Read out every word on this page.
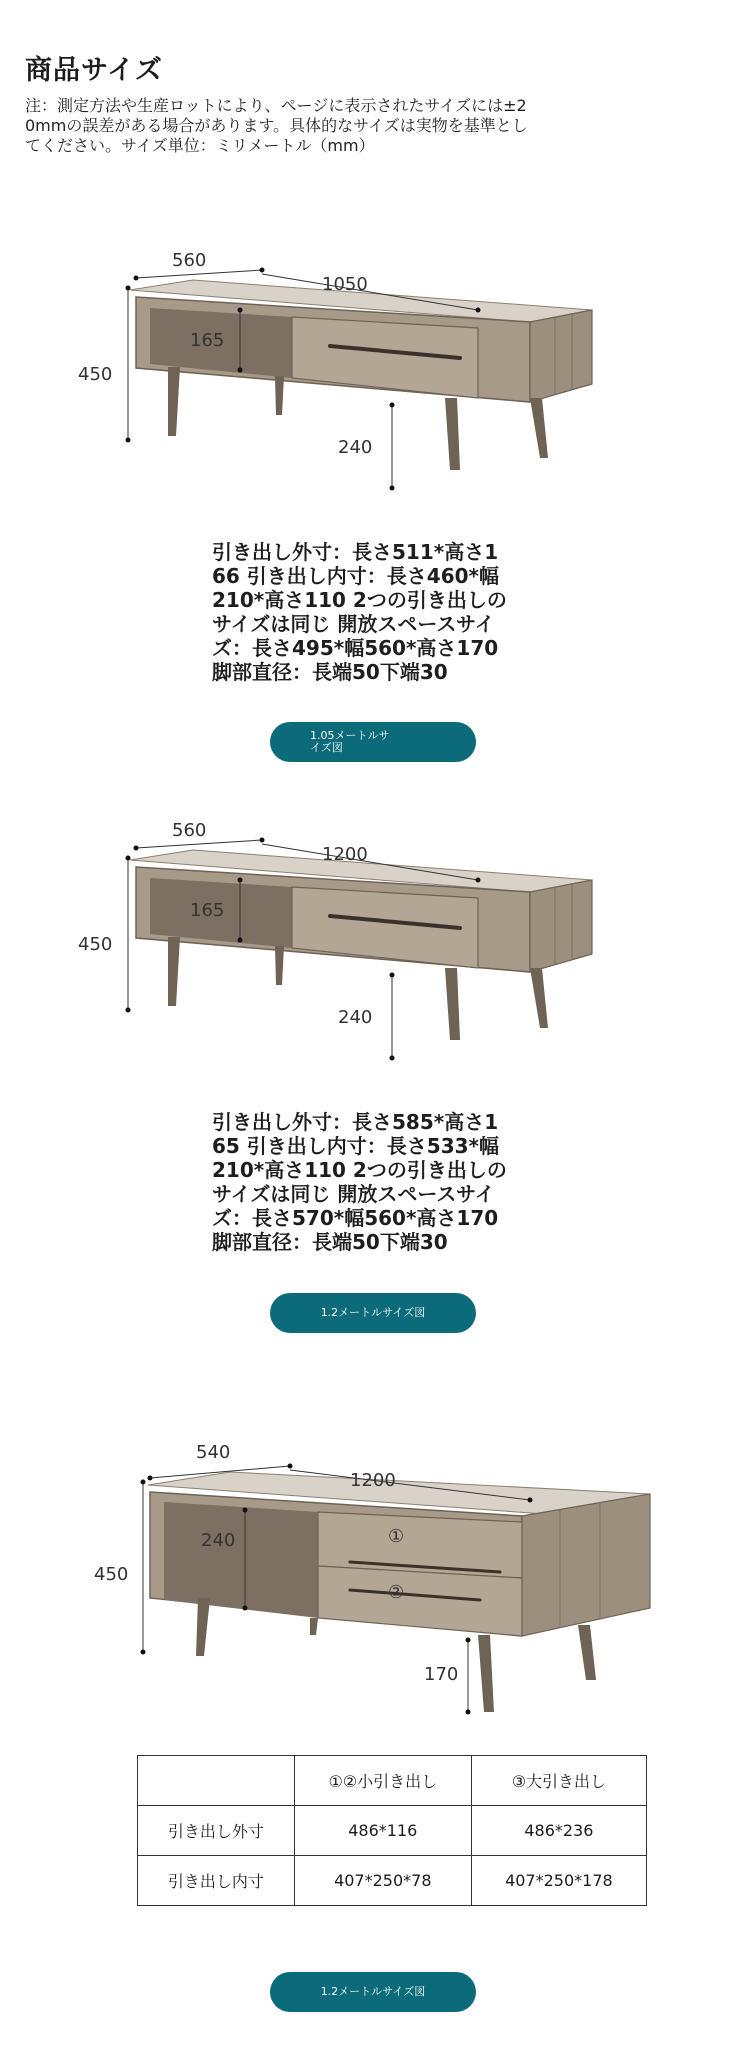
商品サイズ
注：測定方法や生産ロットにより、ページに表示されたサイズには±2
0mmの誤差がある場合があります。具体的なサイズは実物を基準とし
てください。サイズ単位：ミリメートル（mm）
560
1050
450
165
240
引き出し外寸：長さ511*高さ1
66 引き出し内寸：長さ460*幅
210*高さ110 2つの引き出しの
サイズは同じ 開放スペースサイ
ズ：長さ495*幅560*高さ170
脚部直径：長端50下端30
1.05メートルサ
イズ図
560
1200
450
165
240
引き出し外寸：長さ585*高さ1
65 引き出し内寸：長さ533*幅
210*高さ110 2つの引き出しの
サイズは同じ 開放スペースサイ
ズ：長さ570*幅560*高さ170
脚部直径：長端50下端30
1.2メートルサイズ図
540
1200
450
240
170
①
②
	①②小引き出し	③大引き出し
引き出し外寸	486*116	486*236
引き出し内寸	407*250*78	407*250*178
1.2メートルサイズ図
